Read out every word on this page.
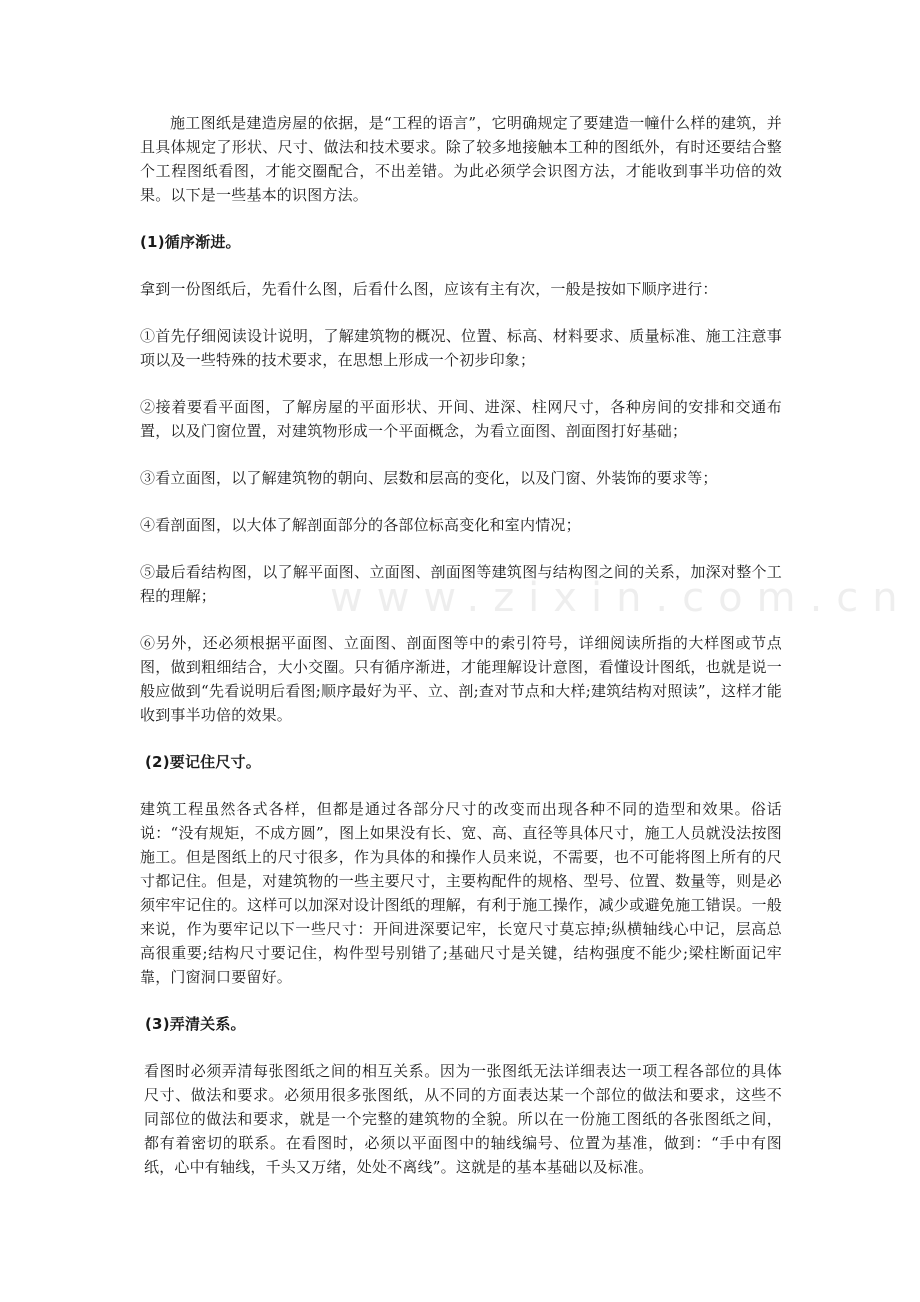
www.zixin.com.cn

施工图纸是建造房屋的依据，是“工程的语言”，它明确规定了要建造一幢什么样的建筑，并且具体规定了形状、尺寸、做法和技术要求。除了较多地接触本工种的图纸外，有时还要结合整个工程图纸看图，才能交圈配合，不出差错。为此必须学会识图方法，才能收到事半功倍的效果。以下是一些基本的识图方法。

(1)循序渐进。

拿到一份图纸后，先看什么图，后看什么图，应该有主有次，一般是按如下顺序进行：

①首先仔细阅读设计说明，了解建筑物的概况、位置、标高、材料要求、质量标准、施工注意事项以及一些特殊的技术要求，在思想上形成一个初步印象；

②接着要看平面图，了解房屋的平面形状、开间、进深、柱网尺寸，各种房间的安排和交通布置，以及门窗位置，对建筑物形成一个平面概念，为看立面图、剖面图打好基础；

③看立面图，以了解建筑物的朝向、层数和层高的变化，以及门窗、外装饰的要求等；

④看剖面图，以大体了解剖面部分的各部位标高变化和室内情况；

⑤最后看结构图，以了解平面图、立面图、剖面图等建筑图与结构图之间的关系，加深对整个工程的理解；

⑥另外，还必须根据平面图、立面图、剖面图等中的索引符号，详细阅读所指的大样图或节点图，做到粗细结合，大小交圈。只有循序渐进，才能理解设计意图，看懂设计图纸，也就是说一般应做到“先看说明后看图;顺序最好为平、立、剖;查对节点和大样;建筑结构对照读”，这样才能收到事半功倍的效果。

(2)要记住尺寸。

建筑工程虽然各式各样，但都是通过各部分尺寸的改变而出现各种不同的造型和效果。俗话说：“没有规矩，不成方圆”，图上如果没有长、宽、高、直径等具体尺寸，施工人员就没法按图施工。但是图纸上的尺寸很多，作为具体的和操作人员来说，不需要，也不可能将图上所有的尺寸都记住。但是，对建筑物的一些主要尺寸，主要构配件的规格、型号、位置、数量等，则是必须牢牢记住的。这样可以加深对设计图纸的理解，有利于施工操作，减少或避免施工错误。一般来说，作为要牢记以下一些尺寸：开间进深要记牢，长宽尺寸莫忘掉;纵横轴线心中记，层高总高很重要;结构尺寸要记住，构件型号别错了;基础尺寸是关键，结构强度不能少;梁柱断面记牢靠，门窗洞口要留好。

(3)弄清关系。

看图时必须弄清每张图纸之间的相互关系。因为一张图纸无法详细表达一项工程各部位的具体尺寸、做法和要求。必须用很多张图纸，从不同的方面表达某一个部位的做法和要求，这些不同部位的做法和要求，就是一个完整的建筑物的全貌。所以在一份施工图纸的各张图纸之间，都有着密切的联系。在看图时，必须以平面图中的轴线编号、位置为基准，做到：“手中有图纸，心中有轴线，千头又万绪，处处不离线”。这就是的基本基础以及标准。
